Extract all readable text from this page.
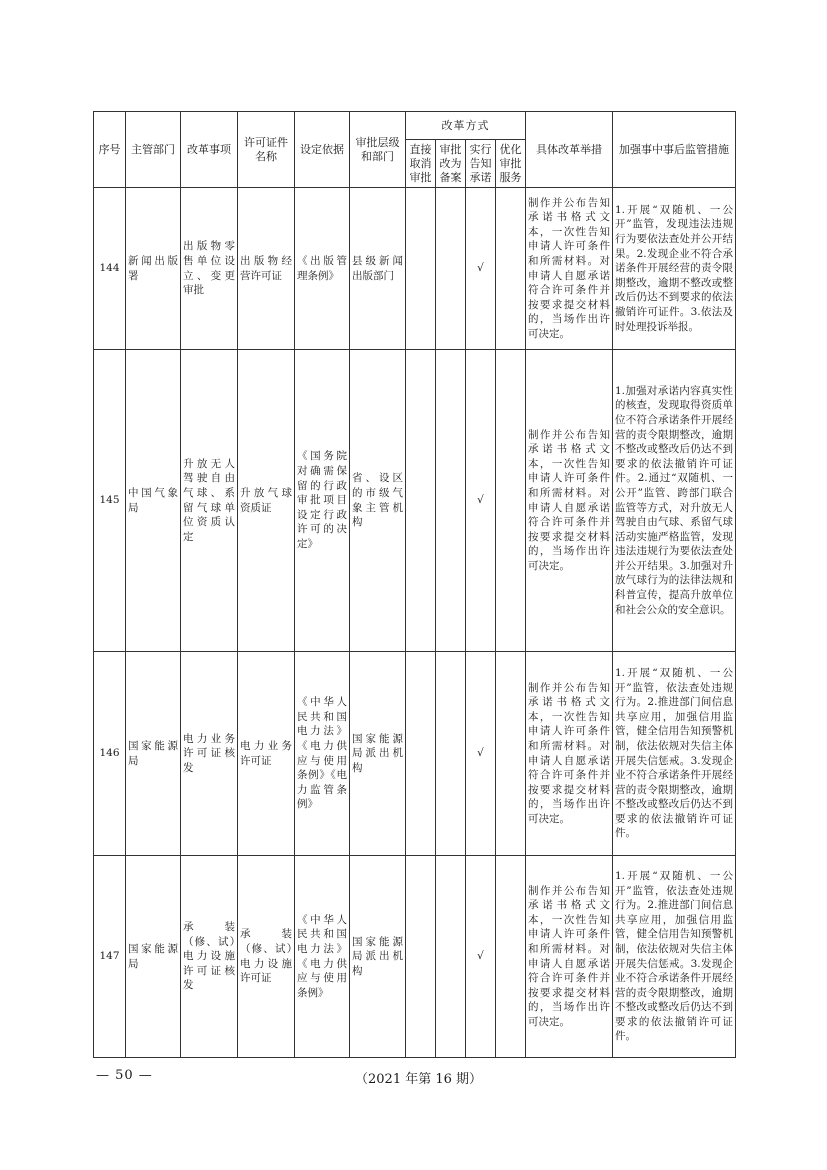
序号	主管部门	改革事项	许可证件名称	设定依据	审批层级和部门	改革方式				具体改革举措	加强事中事后监管措施
						直接取消审批	审批改为备案	实行告知承诺	优化审批服务		
144	新闻出版署	出版物零售单位设立、变更审批	出版物经营许可证	《出版管理条例》	县级新闻出版部门			√		制作并公布告知承诺书格式文本，一次性告知申请人许可条件和所需材料。对申请人自愿承诺符合许可条件并按要求提交材料的，当场作出许可决定。	1.开展“双随机、一公开”监管，发现违法违规行为要依法查处并公开结果。2.发现企业不符合承诺条件开展经营的责令限期整改，逾期不整改或整改后仍达不到要求的依法撤销许可证件。3.依法及时处理投诉举报。
145	中国气象局	升放无人驾驶自由气球、系留气球单位资质认定	升放气球资质证	《国务院对确需保留的行政审批项目设定行政许可的决定》	省、设区的市级气象主管机构			√		制作并公布告知承诺书格式文本，一次性告知申请人许可条件和所需材料。对申请人自愿承诺符合许可条件并按要求提交材料的，当场作出许可决定。	1.加强对承诺内容真实性的核查，发现取得资质单位不符合承诺条件开展经营的责令限期整改，逾期不整改或整改后仍达不到要求的依法撤销许可证件。2.通过“双随机、一公开”监管、跨部门联合监管等方式，对升放无人驾驶自由气球、系留气球活动实施严格监管，发现违法违规行为要依法查处并公开结果。3.加强对升放气球行为的法律法规和科普宣传，提高升放单位和社会公众的安全意识。
146	国家能源局	电力业务许可证核发	电力业务许可证	《中华人民共和国电力法》《电力供应与使用条例》《电力监管条例》	国家能源局派出机构			√		制作并公布告知承诺书格式文本，一次性告知申请人许可条件和所需材料。对申请人自愿承诺符合许可条件并按要求提交材料的，当场作出许可决定。	1.开展“双随机、一公开”监管，依法查处违规行为。2.推进部门间信息共享应用，加强信用监管，健全信用告知预警机制，依法依规对失信主体开展失信惩戒。3.发现企业不符合承诺条件开展经营的责令限期整改，逾期不整改或整改后仍达不到要求的依法撤销许可证件。
147	国家能源局	承装（修、试）电力设施许可证核发	承装（修、试）电力设施许可证	《中华人民共和国电力法》《电力供应与使用条例》	国家能源局派出机构			√		制作并公布告知承诺书格式文本，一次性告知申请人许可条件和所需材料。对申请人自愿承诺符合许可条件并按要求提交材料的，当场作出许可决定。	1.开展“双随机、一公开”监管，依法查处违规行为。2.推进部门间信息共享应用，加强信用监管，健全信用告知预警机制，依法依规对失信主体开展失信惩戒。3.发现企业不符合承诺条件开展经营的责令限期整改，逾期不整改或整改后仍达不到要求的依法撤销许可证件。
— 50 —	（2021 年第 16 期）
